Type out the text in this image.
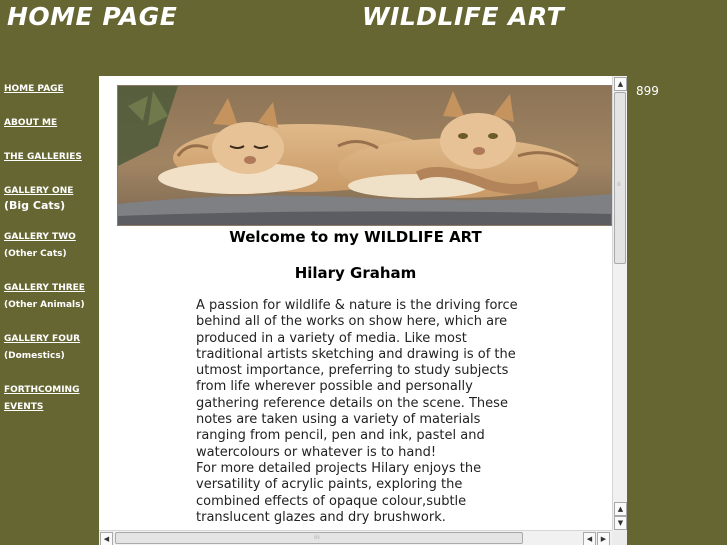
HOME PAGE	WILDLIFE ART
HOME PAGE
ABOUT ME
THE GALLERIES
GALLERY ONE
(Big Cats)
GALLERY TWO
(Other Cats)
GALLERY THREE
(Other Animals)
GALLERY FOUR
(Domestics)
FORTHCOMING
EVENTS
899
Welcome to my WILDLIFE ART
Hilary Graham

A passion for wildlife & nature is the driving force behind all of the works on show here, which are produced in a variety of media. Like most traditional artists sketching and drawing is of the utmost importance, preferring to study subjects from life wherever possible and personally gathering reference details on the scene. These notes are taken using a variety of materials ranging from pencil, pen and ink, pastel and watercolours or whatever is to hand!
For more detailed projects Hilary enjoys the versatility of acrylic paints, exploring the combined effects of opaque colour,subtle translucent glazes and dry brushwork.

▲
⁞⁞
▲
▼
◀	⁞⁞⁞	◀	▶
